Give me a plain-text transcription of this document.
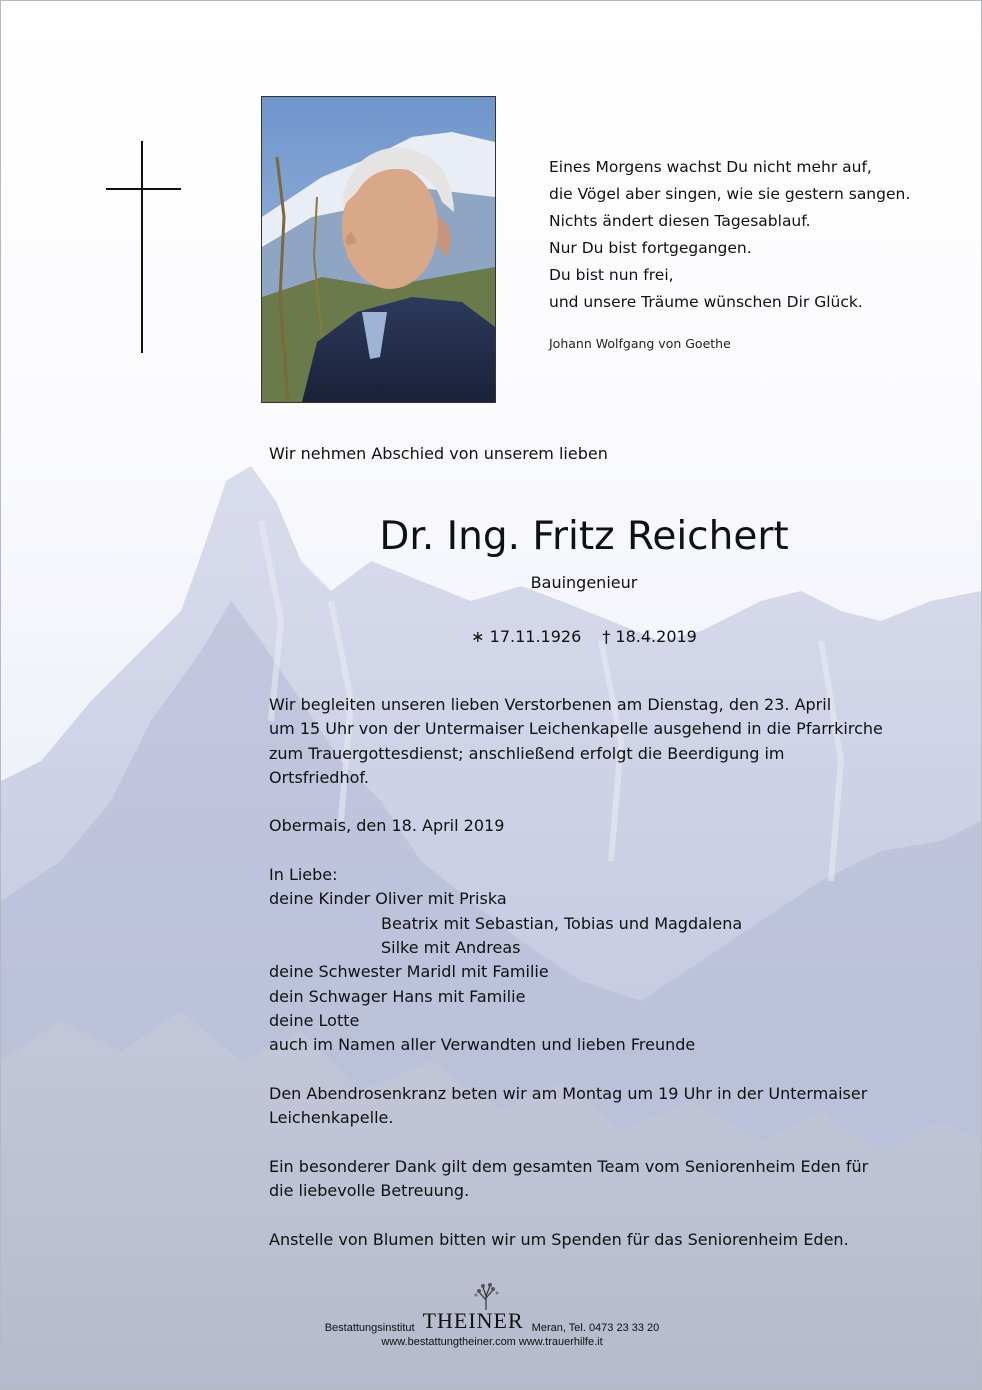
Eines Morgens wachst Du nicht mehr auf,
die Vögel aber singen, wie sie gestern sangen.
Nichts ändert diesen Tagesablauf.
Nur Du bist fortgegangen.
Du bist nun frei,
und unsere Träume wünschen Dir Glück.
Johann Wolfgang von Goethe
Wir nehmen Abschied von unserem lieben
Dr. Ing. Fritz Reichert
Bauingenieur
∗ 17.11.1926 † 18.4.2019
Wir begleiten unseren lieben Verstorbenen am Dienstag, den 23. April
um 15 Uhr von der Untermaiser Leichenkapelle ausgehend in die Pfarrkirche
zum Trauergottesdienst; anschließend erfolgt die Beerdigung im
Ortsfriedhof.
Obermais, den 18. April 2019
In Liebe:
deine Kinder Oliver mit Priska
Beatrix mit Sebastian, Tobias und Magdalena
Silke mit Andreas
deine Schwester Maridl mit Familie
dein Schwager Hans mit Familie
deine Lotte
auch im Namen aller Verwandten und lieben Freunde
Den Abendrosenkranz beten wir am Montag um 19 Uhr in der Untermaiser
Leichenkapelle.
Ein besonderer Dank gilt dem gesamten Team vom Seniorenheim Eden für
die liebevolle Betreuung.
Anstelle von Blumen bitten wir um Spenden für das Seniorenheim Eden.
Bestattungsinstitut THEINER Meran, Tel. 0473 23 33 20
www.bestattungtheiner.com www.trauerhilfe.it
